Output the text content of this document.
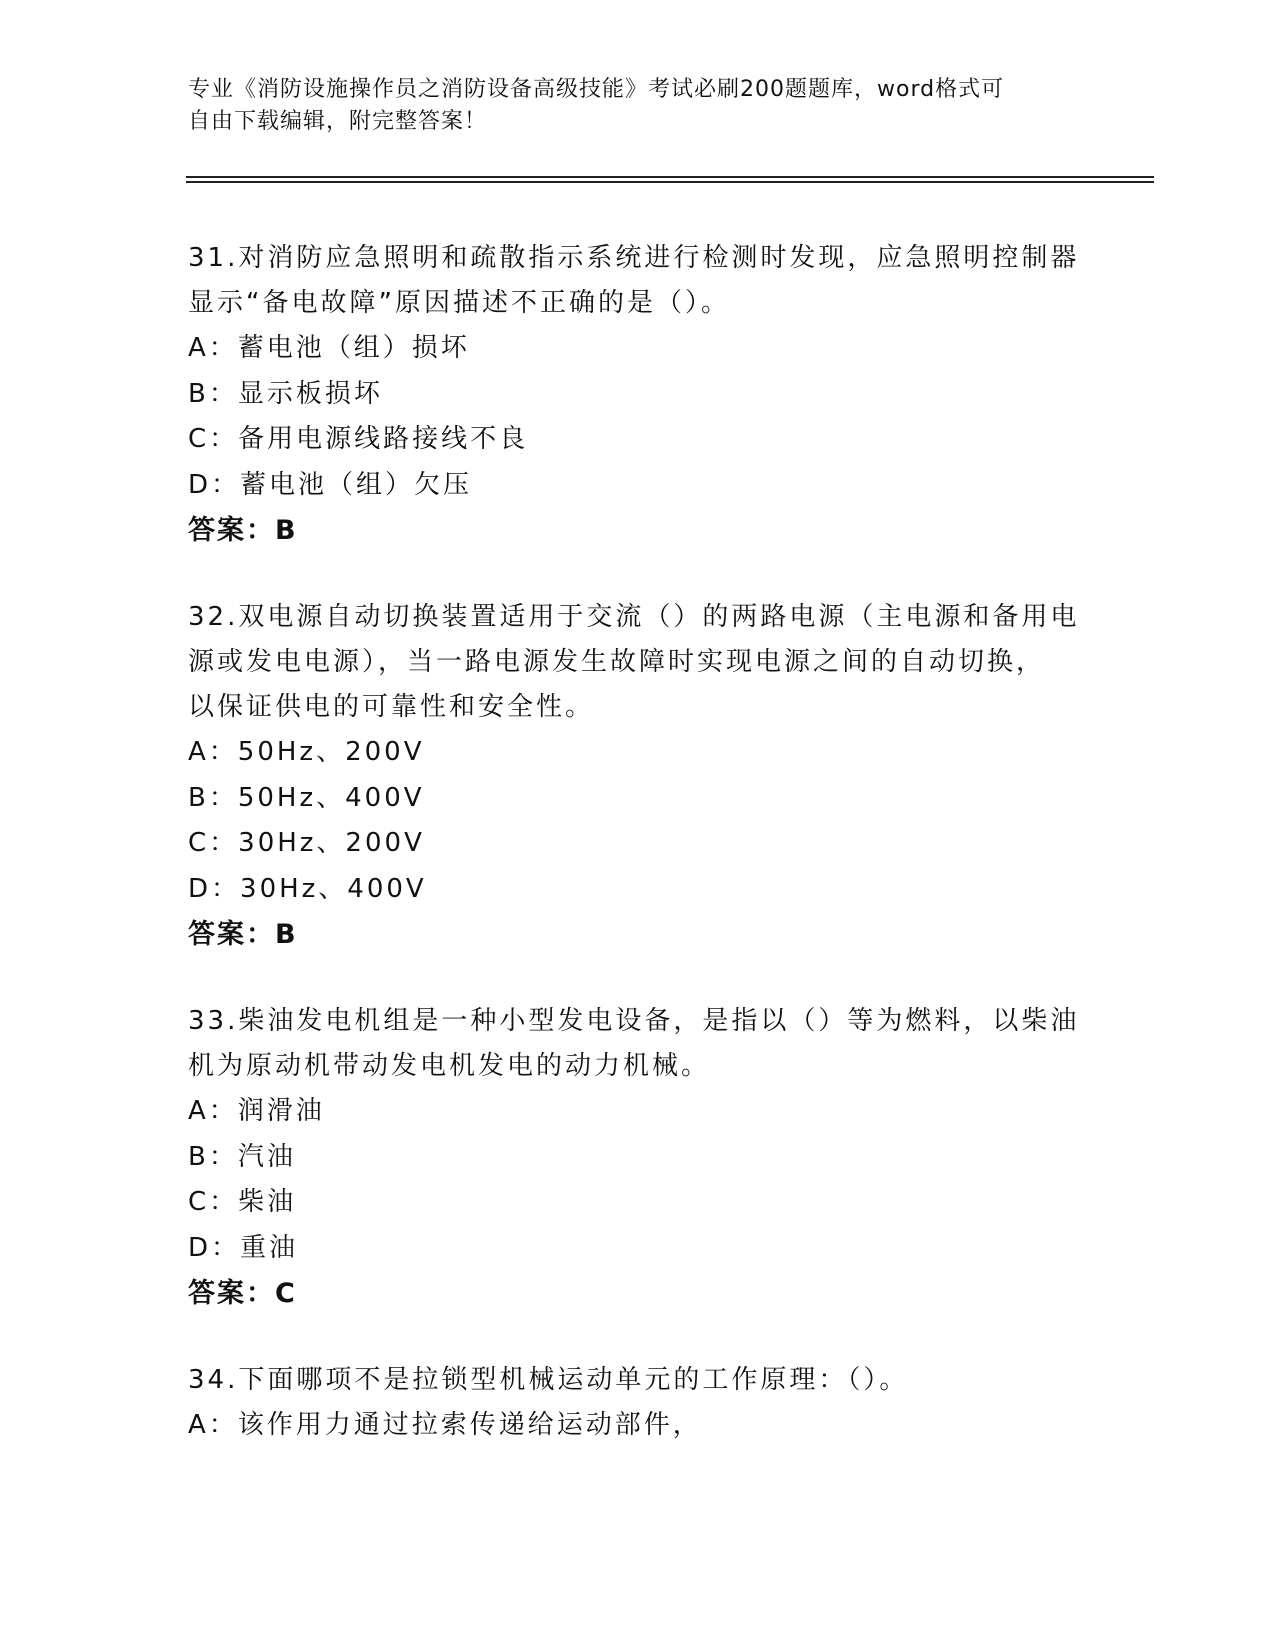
专业《消防设施操作员之消防设备高级技能》考试必刷200题题库，word格式可
自由下载编辑，附完整答案！
31.对消防应急照明和疏散指示系统进行检测时发现，应急照明控制器
显示“备电故障”原因描述不正确的是（）。
A：蓄电池（组）损坏
B：显示板损坏
C：备用电源线路接线不良
D：蓄电池（组）欠压
答案：B
32.双电源自动切换装置适用于交流（）的两路电源（主电源和备用电
源或发电电源），当一路电源发生故障时实现电源之间的自动切换，
以保证供电的可靠性和安全性。
A：50Hz、200V
B：50Hz、400V
C：30Hz、200V
D：30Hz、400V
答案：B
33.柴油发电机组是一种小型发电设备，是指以（）等为燃料，以柴油
机为原动机带动发电机发电的动力机械。
A：润滑油
B：汽油
C：柴油
D：重油
答案：C
34.下面哪项不是拉锁型机械运动单元的工作原理：（）。
A：该作用力通过拉索传递给运动部件，
